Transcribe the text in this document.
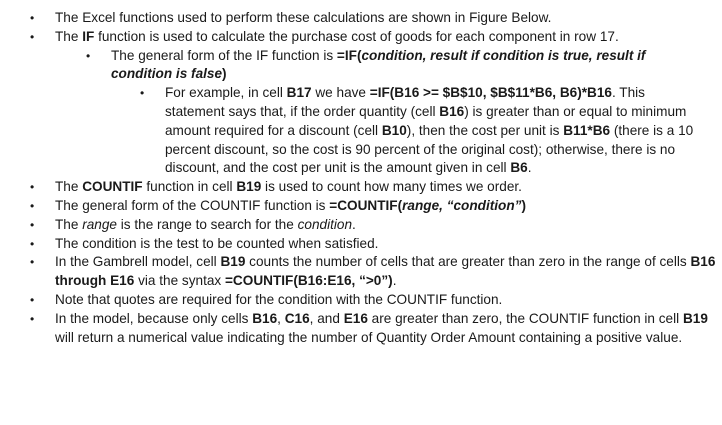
• The Excel functions used to perform these calculations are shown in Figure Below.
• The IF function is used to calculate the purchase cost of goods for each component in row 17.
• The general form of the IF function is =IF(condition, result if condition is true, result if condition is false)
• For example, in cell B17 we have =IF(B16 >= $B$10, $B$11*B6, B6)*B16. This statement says that, if the order quantity (cell B16) is greater than or equal to minimum amount required for a discount (cell B10), then the cost per unit is B11*B6 (there is a 10 percent discount, so the cost is 90 percent of the original cost); otherwise, there is no discount, and the cost per unit is the amount given in cell B6.
• The COUNTIF function in cell B19 is used to count how many times we order.
• The general form of the COUNTIF function is =COUNTIF(range, “condition”)
• The range is the range to search for the condition.
• The condition is the test to be counted when satisfied.
• In the Gambrell model, cell B19 counts the number of cells that are greater than zero in the range of cells B16 through E16 via the syntax =COUNTIF(B16:E16, “>0”).
• Note that quotes are required for the condition with the COUNTIF function.
• In the model, because only cells B16, C16, and E16 are greater than zero, the COUNTIF function in cell B19 will return a numerical value indicating the number of Quantity Order Amount containing a positive value.
